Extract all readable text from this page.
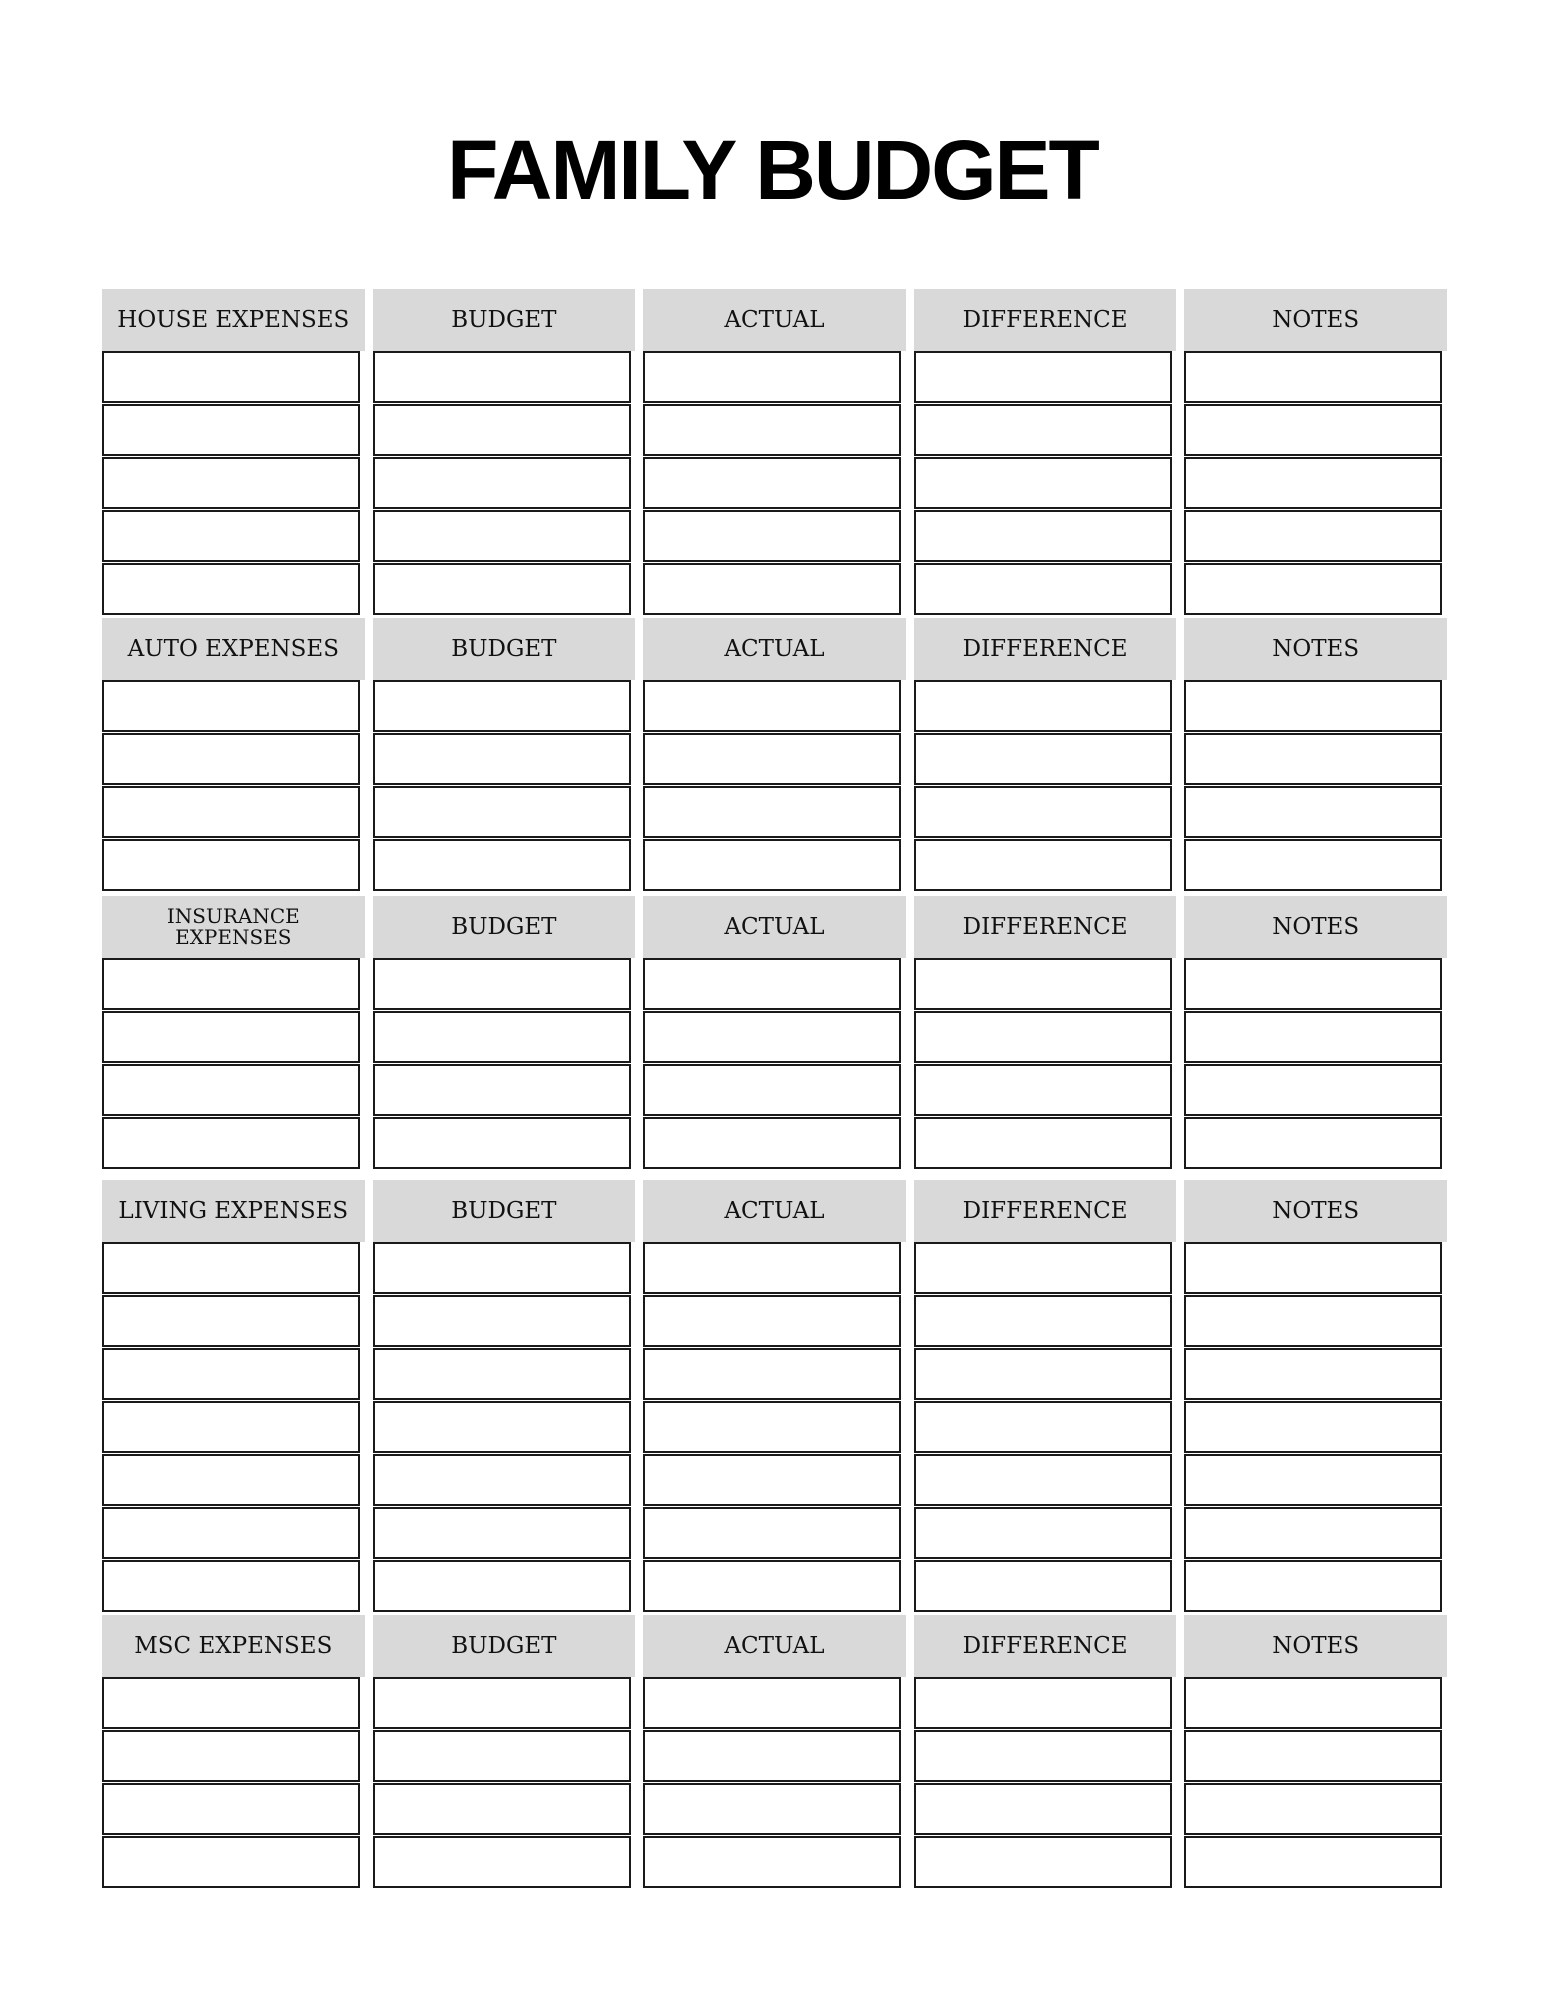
FAMILY BUDGET
HOUSE EXPENSES	BUDGET	ACTUAL	DIFFERENCE	NOTES
AUTO EXPENSES	BUDGET	ACTUAL	DIFFERENCE	NOTES
INSURANCE EXPENSES	BUDGET	ACTUAL	DIFFERENCE	NOTES
LIVING EXPENSES	BUDGET	ACTUAL	DIFFERENCE	NOTES
MSC EXPENSES	BUDGET	ACTUAL	DIFFERENCE	NOTES
